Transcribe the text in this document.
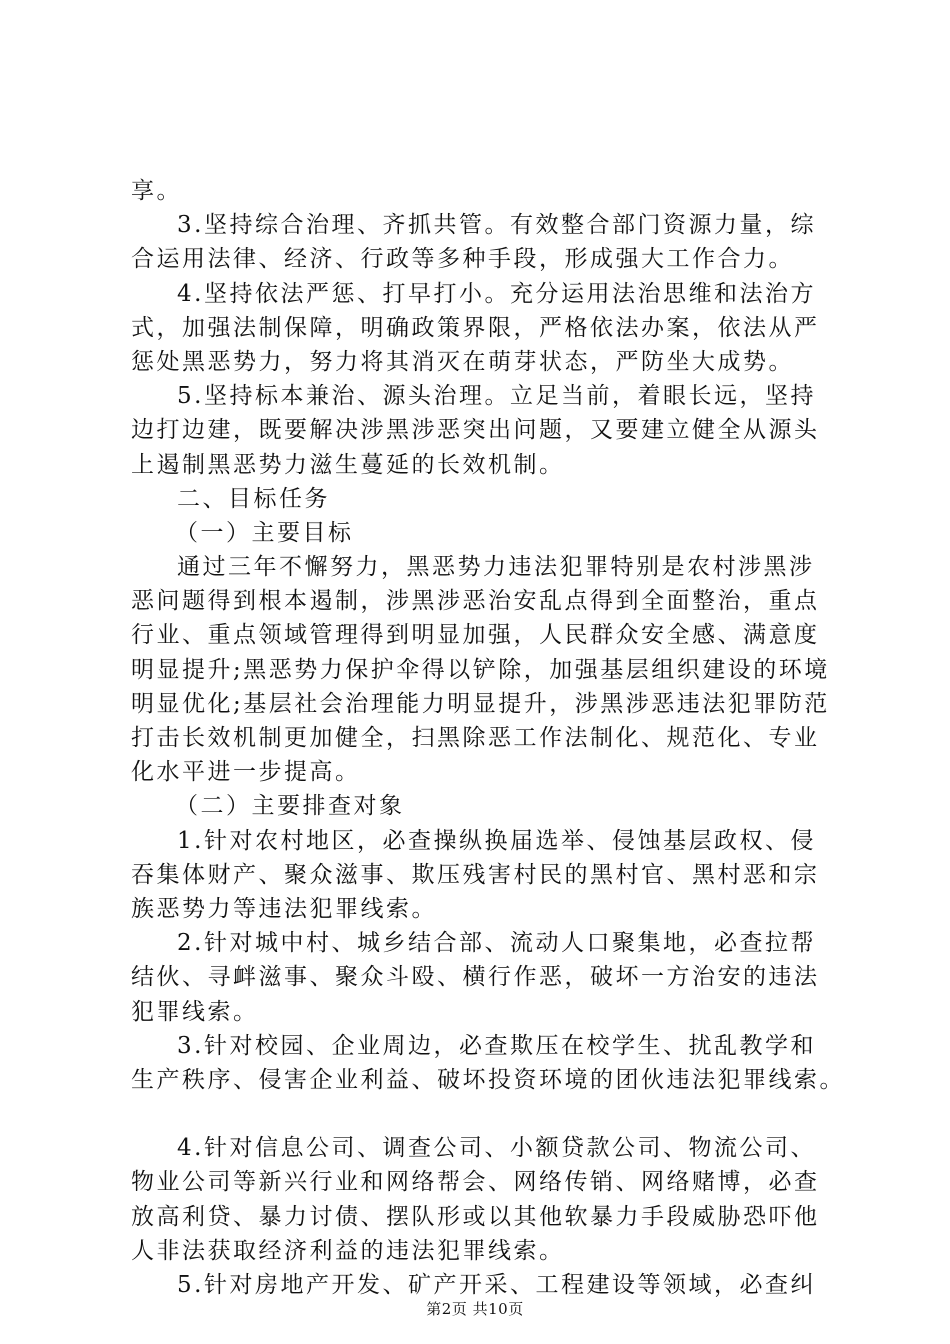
享。
3.坚持综合治理、齐抓共管。有效整合部门资源力量，综
合运用法律、经济、行政等多种手段，形成强大工作合力。
4.坚持依法严惩、打早打小。充分运用法治思维和法治方
式，加强法制保障，明确政策界限，严格依法办案，依法从严
惩处黑恶势力，努力将其消灭在萌芽状态，严防坐大成势。
5.坚持标本兼治、源头治理。立足当前，着眼长远，坚持
边打边建，既要解决涉黑涉恶突出问题，又要建立健全从源头
上遏制黑恶势力滋生蔓延的长效机制。
二、目标任务
（一）主要目标
通过三年不懈努力，黑恶势力违法犯罪特别是农村涉黑涉
恶问题得到根本遏制，涉黑涉恶治安乱点得到全面整治，重点
行业、重点领域管理得到明显加强，人民群众安全感、满意度
明显提升;黑恶势力保护伞得以铲除，加强基层组织建设的环境
明显优化;基层社会治理能力明显提升，涉黑涉恶违法犯罪防范
打击长效机制更加健全，扫黑除恶工作法制化、规范化、专业
化水平进一步提高。
（二）主要排查对象
1.针对农村地区，必查操纵换届选举、侵蚀基层政权、侵
吞集体财产、聚众滋事、欺压残害村民的黑村官、黑村恶和宗
族恶势力等违法犯罪线索。
2.针对城中村、城乡结合部、流动人口聚集地，必查拉帮
结伙、寻衅滋事、聚众斗殴、横行作恶，破坏一方治安的违法
犯罪线索。
3.针对校园、企业周边，必查欺压在校学生、扰乱教学和
生产秩序、侵害企业利益、破坏投资环境的团伙违法犯罪线索。
4.针对信息公司、调查公司、小额贷款公司、物流公司、
物业公司等新兴行业和网络帮会、网络传销、网络赌博，必查
放高利贷、暴力讨债、摆队形或以其他软暴力手段威胁恐吓他
人非法获取经济利益的违法犯罪线索。
5.针对房地产开发、矿产开采、工程建设等领域，必查纠
第2页 共10页
